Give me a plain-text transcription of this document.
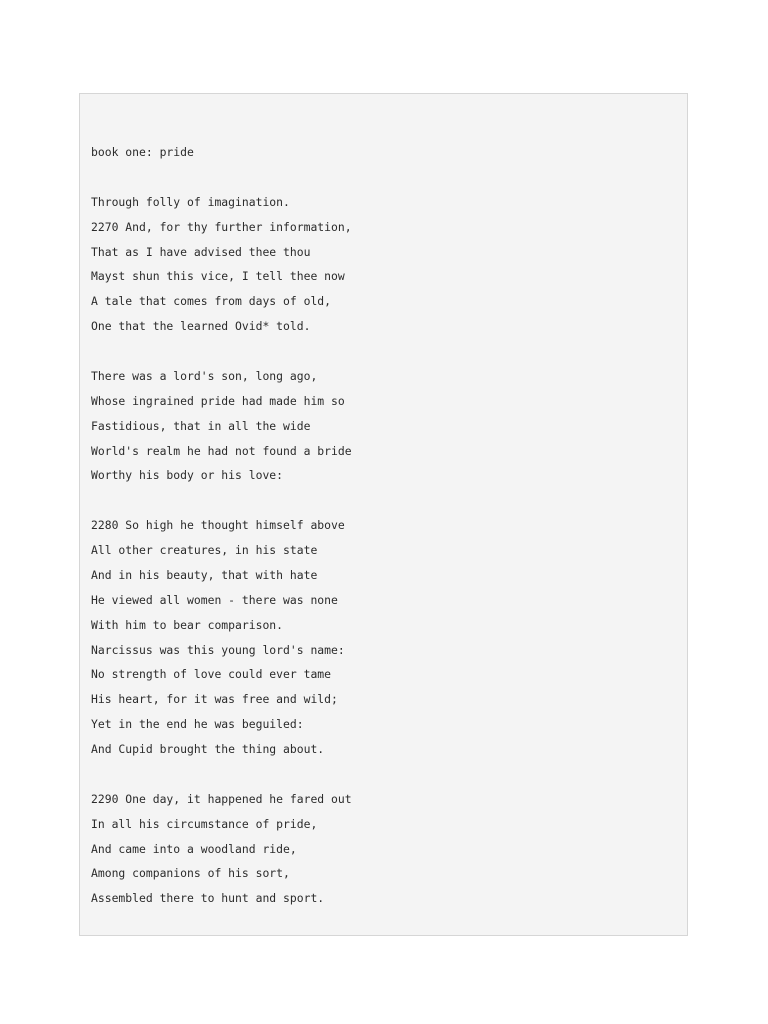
book one: pride
Through folly of imagination.
2270 And, for thy further information,
That as I have advised thee thou
Mayst shun this vice, I tell thee now
A tale that comes from days of old,
One that the learned Ovid* told.
There was a lord's son, long ago,
Whose ingrained pride had made him so
Fastidious, that in all the wide
World's realm he had not found a bride
Worthy his body or his love:
2280 So high he thought himself above
All other creatures, in his state
And in his beauty, that with hate
He viewed all women - there was none
With him to bear comparison.
Narcissus was this young lord's name:
No strength of love could ever tame
His heart, for it was free and wild;
Yet in the end he was beguiled:
And Cupid brought the thing about.
2290 One day, it happened he fared out
In all his circumstance of pride,
And came into a woodland ride,
Among companions of his sort,
Assembled there to hunt and sport.
